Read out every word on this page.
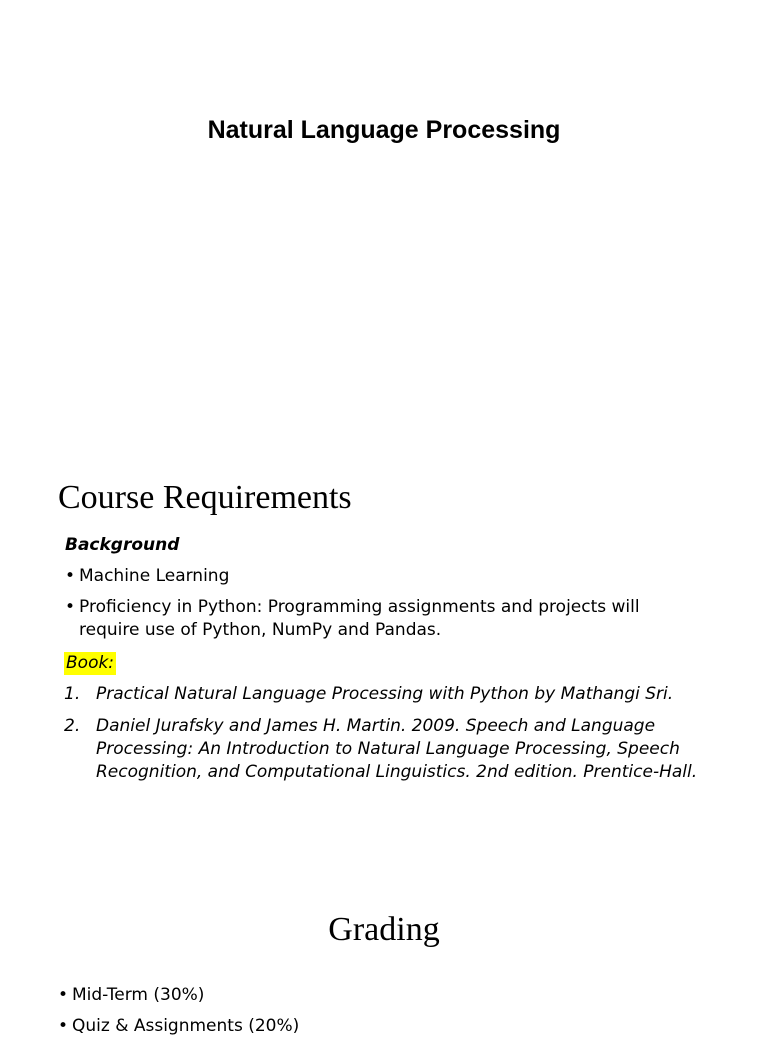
Natural Language Processing
Course Requirements
Background
• Machine Learning
• Proficiency in Python: Programming assignments and projects will require use of Python, NumPy and Pandas.
Book:
1. Practical Natural Language Processing with Python by Mathangi Sri.
2. Daniel Jurafsky and James H. Martin. 2009. Speech and Language Processing: An Introduction to Natural Language Processing, Speech Recognition, and Computational Linguistics. 2nd edition. Prentice-Hall.
Grading
• Mid-Term (30%)
• Quiz & Assignments (20%)
